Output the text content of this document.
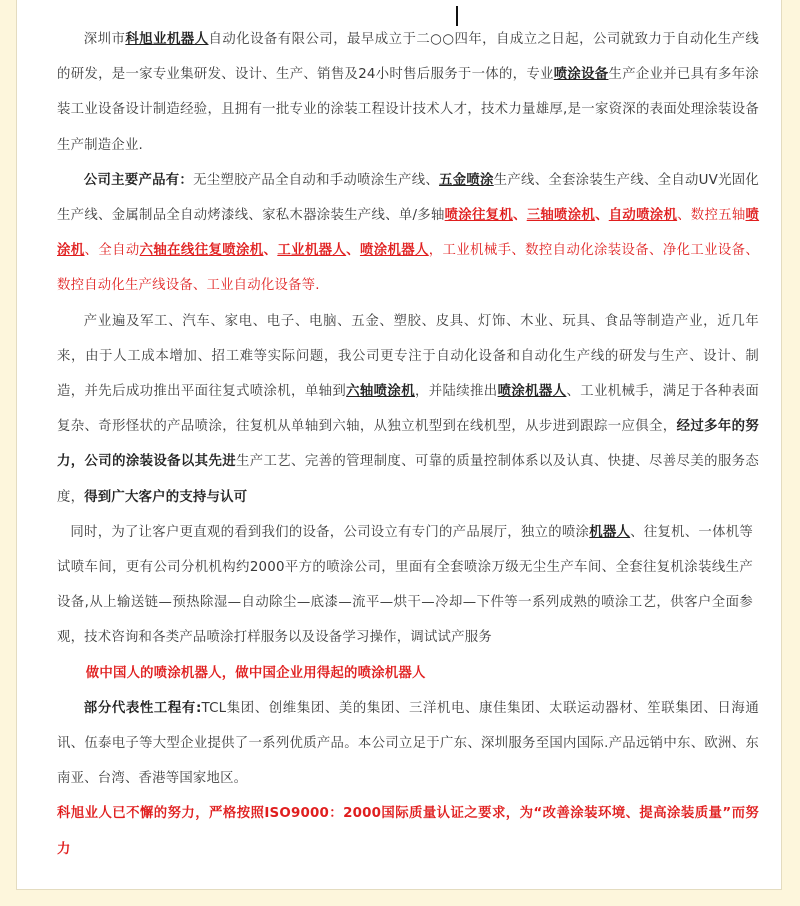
深圳市科旭业机器人自动化设备有限公司，最早成立于二○○四年，自成立之日起，公司就致力于自动化生产线的研发，是一家专业集研发、设计、生产、销售及24小时售后服务于一体的，专业喷涂设备生产企业并已具有多年涂装工业设备设计制造经验，且拥有一批专业的涂装工程设计技术人才，技术力量雄厚,是一家资深的表面处理涂装设备生产制造企业.

公司主要产品有：无尘塑胶产品全自动和手动喷涂生产线、五金喷涂生产线、全套涂装生产线、全自动UV光固化生产线、金属制品全自动烤漆线、家私木器涂装生产线、单/多轴喷涂往复机、三轴喷涂机、自动喷涂机、数控五轴喷涂机、全自动六轴在线往复喷涂机、工业机器人、喷涂机器人，工业机械手、数控自动化涂装设备、净化工业设备、数控自动化生产线设备、工业自动化设备等.

产业遍及军工、汽车、家电、电子、电脑、五金、塑胶、皮具、灯饰、木业、玩具、食品等制造产业，近几年来，由于人工成本增加、招工难等实际问题，我公司更专注于自动化设备和自动化生产线的研发与生产、设计、制造，并先后成功推出平面往复式喷涂机，单轴到六轴喷涂机，并陆续推出喷涂机器人、工业机械手，满足于各种表面复杂、奇形怪状的产品喷涂，往复机从单轴到六轴，从独立机型到在线机型，从步进到跟踪一应俱全，经过多年的努力，公司的涂装设备以其先进生产工艺、完善的管理制度、可靠的质量控制体系以及认真、快捷、尽善尽美的服务态度，得到广大客户的支持与认可

同时，为了让客户更直观的看到我们的设备，公司设立有专门的产品展厅，独立的喷涂机器人、往复机、一体机等试喷车间，更有公司分机机构约2000平方的喷涂公司，里面有全套喷涂万级无尘生产车间、全套往复机涂装线生产设备,从上输送链—预热除湿—自动除尘—底漆—流平—烘干—冷却—下件等一系列成熟的喷涂工艺，供客户全面参观，技术咨询和各类产品喷涂打样服务以及设备学习操作，调试试产服务

做中国人的喷涂机器人，做中国企业用得起的喷涂机器人

部分代表性工程有:TCL集团、创维集团、美的集团、三洋机电、康佳集团、太联运动器材、笙联集团、日海通讯、伍泰电子等大型企业提供了一系列优质产品。本公司立足于广东、深圳服务至国内国际.产品远销中东、欧洲、东南亚、台湾、香港等国家地区。

科旭业人已不懈的努力，严格按照ISO9000：2000国际质量认证之要求，为“改善涂装环境、提高涂装质量”而努力
